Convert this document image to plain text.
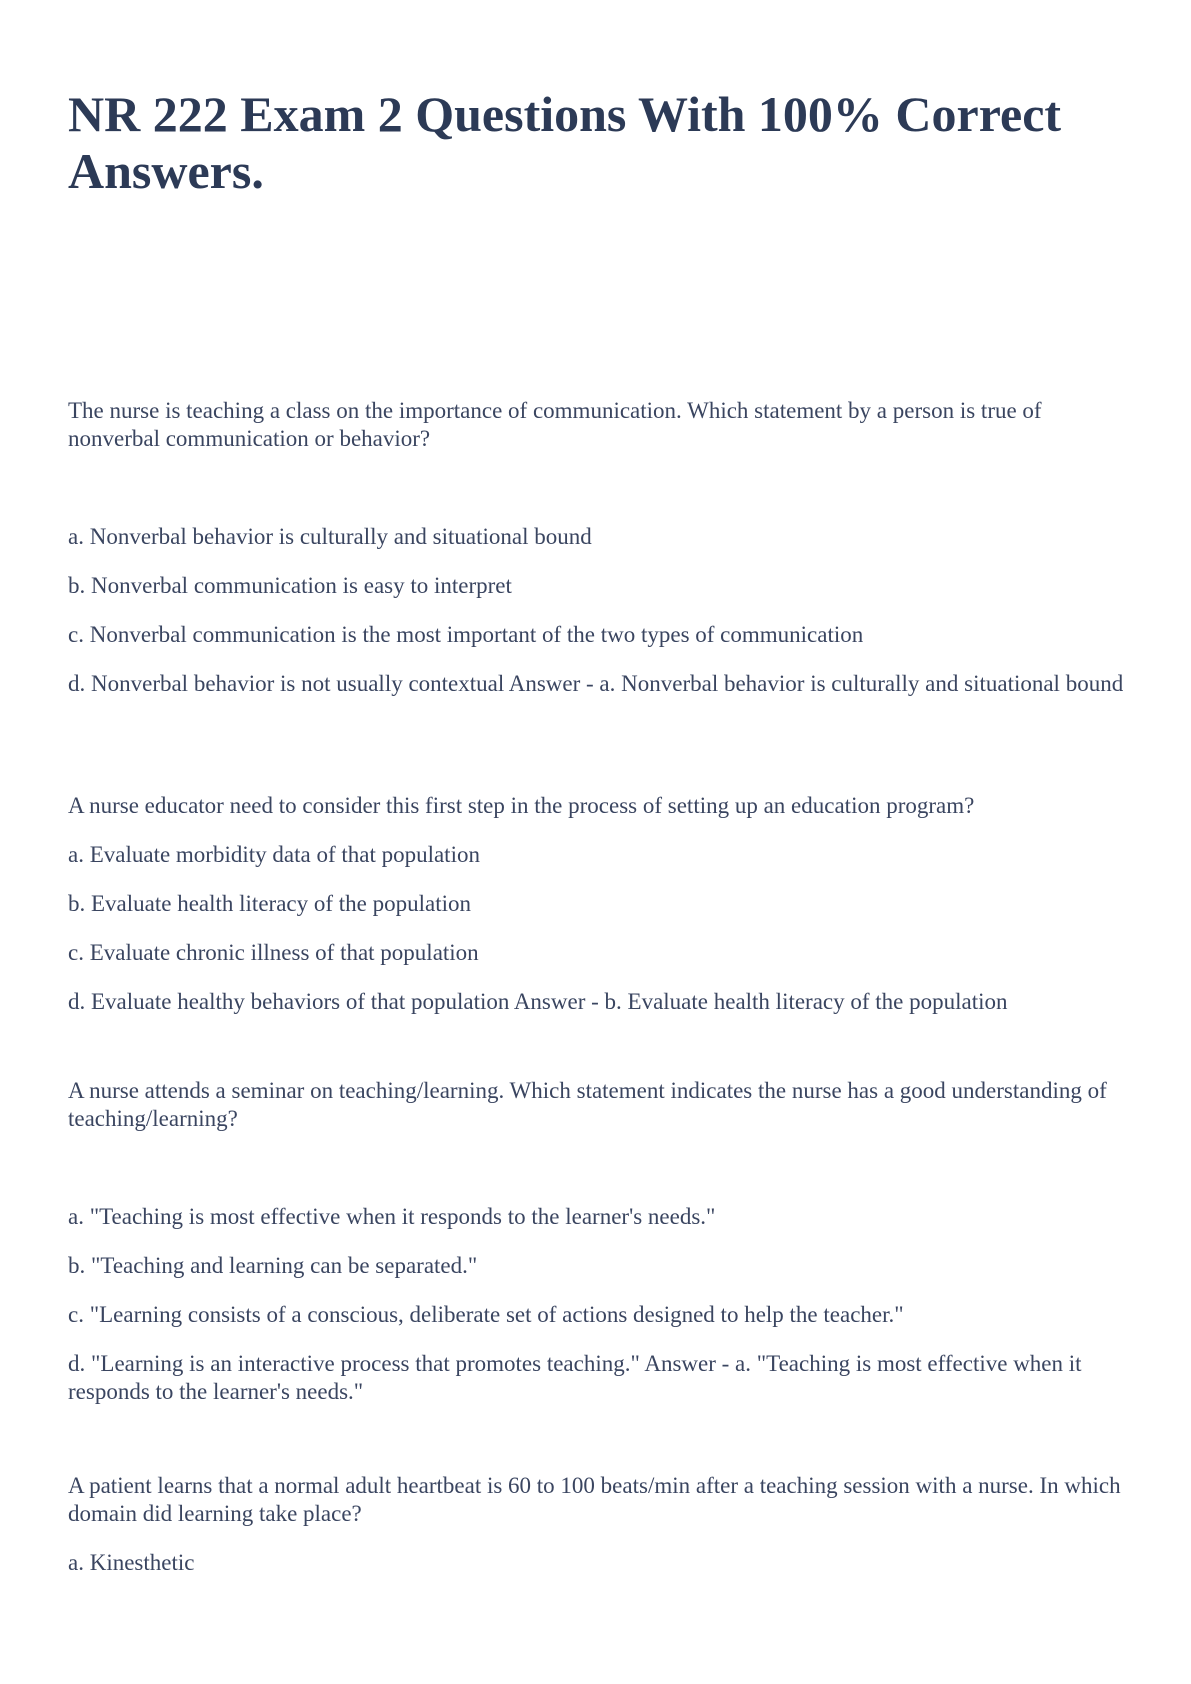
NR 222 Exam 2 Questions With 100% Correct Answers.

The nurse is teaching a class on the importance of communication. Which statement by a person is true of nonverbal communication or behavior?

a. Nonverbal behavior is culturally and situational bound

b. Nonverbal communication is easy to interpret

c. Nonverbal communication is the most important of the two types of communication

d. Nonverbal behavior is not usually contextual Answer - a. Nonverbal behavior is culturally and situational bound

A nurse educator need to consider this first step in the process of setting up an education program?

a. Evaluate morbidity data of that population

b. Evaluate health literacy of the population

c. Evaluate chronic illness of that population

d. Evaluate healthy behaviors of that population Answer - b. Evaluate health literacy of the population

A nurse attends a seminar on teaching/learning. Which statement indicates the nurse has a good understanding of teaching/learning?

a. "Teaching is most effective when it responds to the learner's needs."

b. "Teaching and learning can be separated."

c. "Learning consists of a conscious, deliberate set of actions designed to help the teacher."

d. "Learning is an interactive process that promotes teaching." Answer - a. "Teaching is most effective when it responds to the learner's needs."

A patient learns that a normal adult heartbeat is 60 to 100 beats/min after a teaching session with a nurse. In which domain did learning take place?

a. Kinesthetic
